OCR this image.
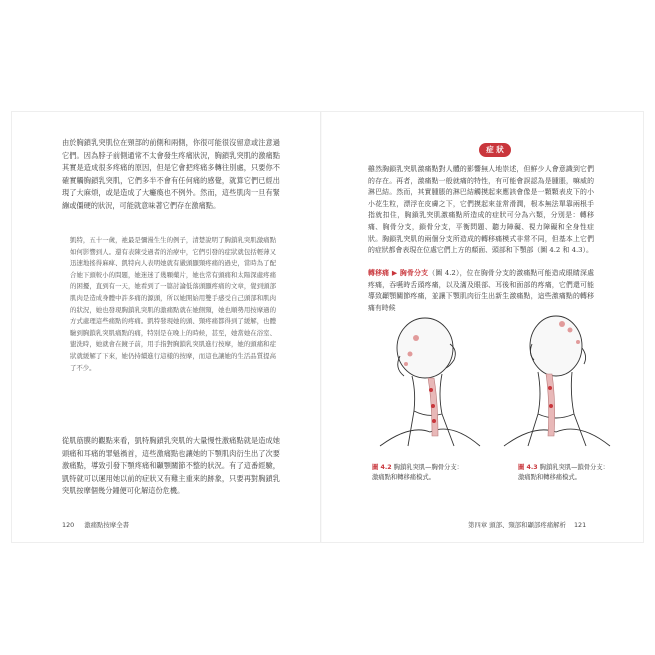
由於胸鎖乳突肌位在頸部的前側和兩側，你很可能很沒留意或注意過它們。因為脖子前側通常不太會發生疼痛狀況，胸鎖乳突肌的激痛點其實是造成很多疼痛的原因，但是它會把疼痛多轉往別處，只要你不確實觸胸鎖乳突肌，它們多半不會有任何痛的感覺，就算它們已經出現了大麻煩，或是造成了大癱瘓也不例外。然而，這些肌肉一旦有緊繃或僵硬的狀況，可能就意味著它們存在激痛點。

凱特，五十一歲，祂最是彌漫生生的例子，清楚說明了胸鎖乳突肌激痛點如何影響到人。還有表陳受過者的治療中，它們引發的症狀就包括輕薄又迅速地搖得麻痺、凱特向人表明她就有嚴頭顯頸疼痛的過史，當時為了配合她下頭較小的問題，她迷迷了幾顆藥片，她也常有頭痛和太陽深處疼痛的困擾，直到有一天，她看到了一篇討論低落頭顯疼痛的文章，覺到頭部肌肉是造成身體中許多痛的源頭，所以她開始用雙手感受自己頭部和肌肉的狀況，她也發現胸鎖乳突肌的激痛點就在她側頸，她也順勢用按摩過的方式處理這些痛點的疼痛。凱特發現她的頭、頸疼痛都得到了緩解，也體驗到胸鎖乳突肌痛點的痛，特別是在晚上的時候，甚至，她當她在浴室、盥洗時，她就會在鏡子前，用手指對胸鎖乳突肌進行按摩，她的頭痛和症狀就緩解了下來，她仍持續進行這樣的按摩，而這也讓她的生活品質提高了不少。

從肌筋膜的觀點來看，凱特胸鎖乳突肌的大量慢性激痛點就是造成她頭痛和耳痛的罪魁禍首，這些激痛點也讓她的下顎肌肉衍生出了次要激痛點，導致引發下顎疼痛和顳顎關節不整的狀況。有了這番經驗，凱特就可以運用她以前的症狀又有雞主重來的跡象，只要再對胸鎖乳突肌按摩個幾分鐘便可化解這份危機。

120 激痛點按摩全書
症 狀

雖然胸鎖乳突肌激痛點對人體的影響無人地崇述，但鮮少人會意識到它們的存在。再者，激痛點一般就痛的特性，有可能會誤認為是腫脹，嘛威的淋巴結。然而，其實腫脹的淋巴結觸摸起來應該會像是一顆顆表皮下的小小花生粒，漂浮在皮膚之下，它們摸起來並常滑潤，根本無法單靠兩根手指就扣住，胸鎖乳突肌激痛點所造成的症狀可分為六類，分別是：轉移痛、胸骨分支，鎖骨分支，平衡問題、聽力障礙、視力障礙和全身性症狀。胸鎖乳突肌的兩個分支所造成的轉移痛模式非常不同，但基本上它們的症狀都會表現在位處它們上方的顏面、頭部和下顎部（圖 4.2 和 4.3）。

轉移痛 ▶ 胸骨分支（圖 4.2），位在胸骨分支的激痛點可能造成眼睛深處疼痛，吞嚥時舌頭疼痛，以及滿及眼部、耳後和面部的疼痛，它們還可能導致顳顎關節疼痛，並讓下顎肌肉衍生出新生激痛點，這些激痛點的轉移痛有時候

圖 4.2 胸鎖乳突肌—胸骨分支：
激痛點和轉移痛模式。
圖 4.3 胸鎖乳突肌—鎖骨分支：
激痛點和轉移痛模式。
第四章 頭部、頸部和顳部疼痛解析 121
